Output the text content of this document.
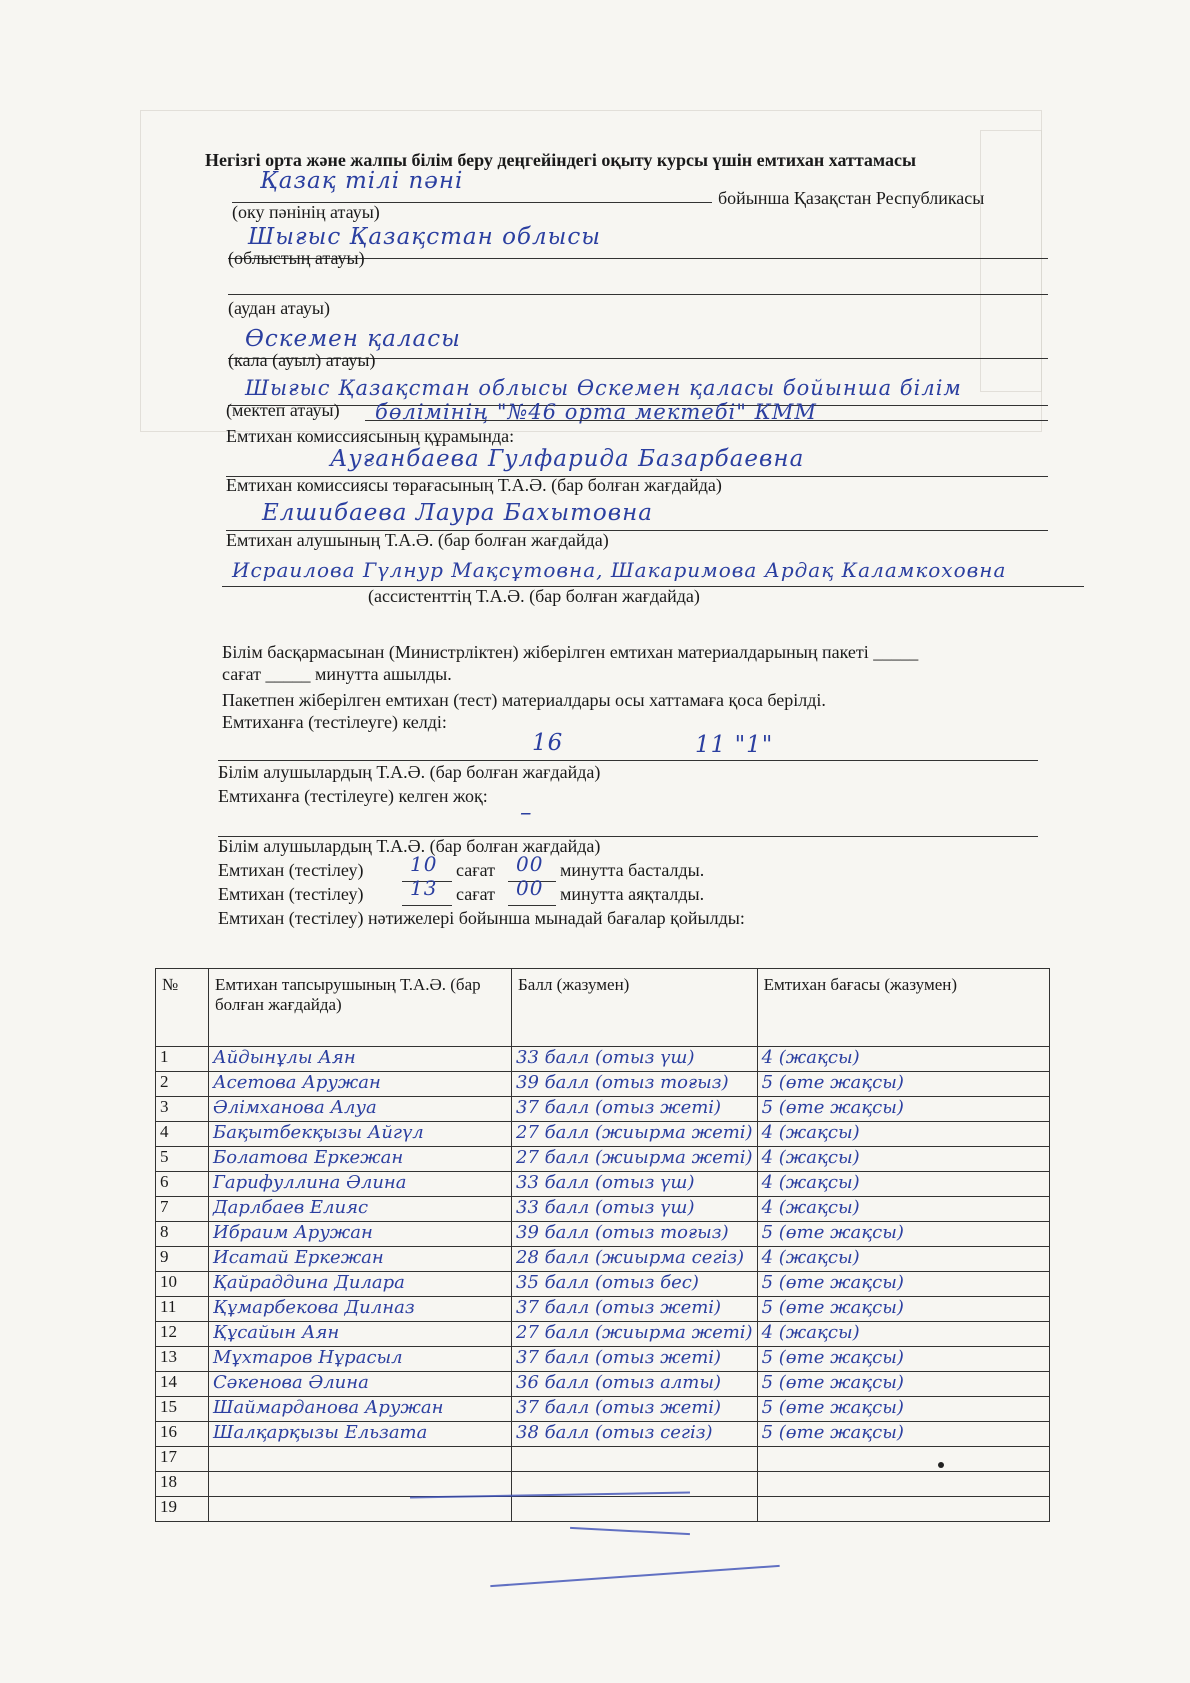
Негізгі орта және жалпы білім беру деңгейіндегі оқыту курсы үшін емтихан хаттамасы
Қазақ тілі пәні
бойынша Қазақстан Республикасы
(оку пәнінің атауы)
Шығыс Қазақстан облысы
(облыстың атауы)
(аудан атауы)
Өскемен қаласы
(кала (ауыл) атауы)
Шығыс Қазақстан облысы Өскемен қаласы бойынша білім
(мектеп атауы) бөлімінің "№46 орта мектебі" КММ
Емтихан комиссиясының құрамында:
Ауғанбаева Гулфарида Базарбаевна
Емтихан комиссиясы төрағасының Т.А.Ә. (бар болған жағдайда)
Елшибаева Лаура Бахытовна
Емтихан алушының Т.А.Ә. (бар болған жағдайда)
Исраилова Гүлнур Мақсұтовна, Шакаримова Ардақ Каламкоховна
(ассистенттің Т.А.Ә. (бар болған жағдайда)
Білім басқармасынан (Министрліктен) жіберілген емтихан материалдарының пакеті _____
сағат _____ минутта ашылды.
Пакетпен жіберілген емтихан (тест) материалдары осы хаттамаға қоса берілді.
Емтиханға (тестілеуге) келді:
16	11 "1"
Білім алушылардың Т.А.Ә. (бар болған жағдайда)
Емтиханға (тестілеуге) келген жоқ:
–
Білім алушылардың Т.А.Ә. (бар болған жағдайда)
Емтихан (тестілеу) 10 сағат 00 минутта басталды.
Емтихан (тестілеу) 13 сағат 00 минутта аяқталды.
Емтихан (тестілеу) нәтижелері бойынша мынадай бағалар қойылды:
№	Емтихан тапсырушының Т.А.Ә. (бар болған жағдайда)	Балл (жазумен)	Емтихан бағасы (жазумен)
1	Айдынұлы Аян	33 балл (отыз үш)	4 (жақсы)
2	Асетова Аружан	39 балл (отыз тоғыз)	5 (өте жақсы)
3	Әлімханова Алуа	37 балл (отыз жеті)	5 (өте жақсы)
4	Бақытбекқызы Айгүл	27 балл (жиырма жеті)	4 (жақсы)
5	Болатова Еркежан	27 балл (жиырма жеті)	4 (жақсы)
6	Гарифуллина Әлина	33 балл (отыз үш)	4 (жақсы)
7	Дарлбаев Елияс	33 балл (отыз үш)	4 (жақсы)
8	Ибраим Аружан	39 балл (отыз тоғыз)	5 (өте жақсы)
9	Исатай Еркежан	28 балл (жиырма сегіз)	4 (жақсы)
10	Қайраддина Дилара	35 балл (отыз бес)	5 (өте жақсы)
11	Құмарбекова Дилназ	37 балл (отыз жеті)	5 (өте жақсы)
12	Құсайын Аян	27 балл (жиырма жеті)	4 (жақсы)
13	Мұхтаров Нұрасыл	37 балл (отыз жеті)	5 (өте жақсы)
14	Сәкенова Әлина	36 балл (отыз алты)	5 (өте жақсы)
15	Шаймарданова Аружан	37 балл (отыз жеті)	5 (өте жақсы)
16	Шалқарқызы Ельзата	38 балл (отыз сегіз)	5 (өте жақсы)
17			
18			
19			
